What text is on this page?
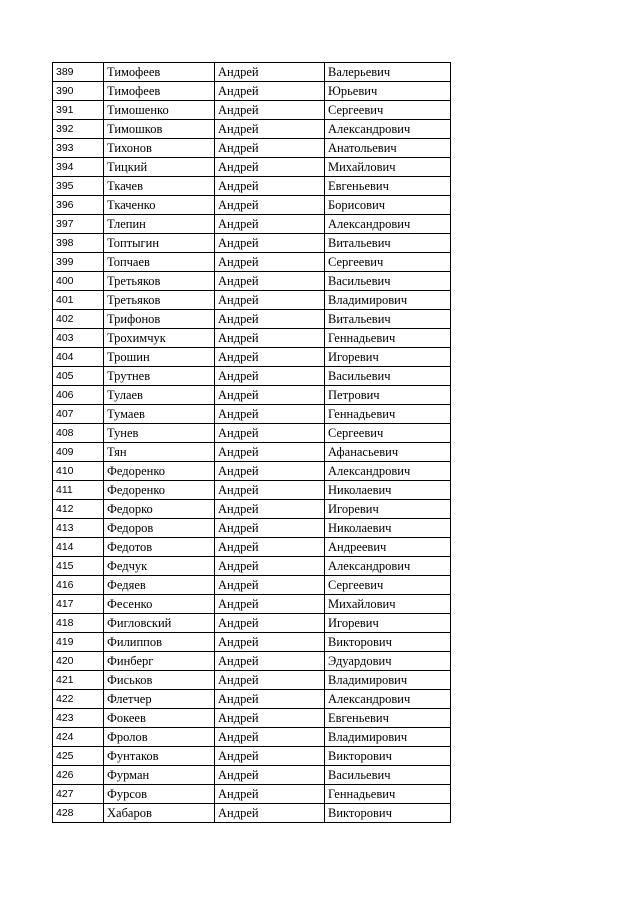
389	Тимофеев	Андрей	Валерьевич
390	Тимофеев	Андрей	Юрьевич
391	Тимошенко	Андрей	Сергеевич
392	Тимошков	Андрей	Александрович
393	Тихонов	Андрей	Анатольевич
394	Тицкий	Андрей	Михайлович
395	Ткачев	Андрей	Евгеньевич
396	Ткаченко	Андрей	Борисович
397	Тлепин	Андрей	Александрович
398	Топтыгин	Андрей	Витальевич
399	Топчаев	Андрей	Сергеевич
400	Третьяков	Андрей	Васильевич
401	Третьяков	Андрей	Владимирович
402	Трифонов	Андрей	Витальевич
403	Трохимчук	Андрей	Геннадьевич
404	Трошин	Андрей	Игоревич
405	Трутнев	Андрей	Васильевич
406	Тулаев	Андрей	Петрович
407	Тумаев	Андрей	Геннадьевич
408	Тунев	Андрей	Сергеевич
409	Тян	Андрей	Афанасьевич
410	Федоренко	Андрей	Александрович
411	Федоренко	Андрей	Николаевич
412	Федорко	Андрей	Игоревич
413	Федоров	Андрей	Николаевич
414	Федотов	Андрей	Андреевич
415	Федчук	Андрей	Александрович
416	Федяев	Андрей	Сергеевич
417	Фесенко	Андрей	Михайлович
418	Фигловский	Андрей	Игоревич
419	Филиппов	Андрей	Викторович
420	Финберг	Андрей	Эдуардович
421	Фиськов	Андрей	Владимирович
422	Флетчер	Андрей	Александрович
423	Фокеев	Андрей	Евгеньевич
424	Фролов	Андрей	Владимирович
425	Фунтаков	Андрей	Викторович
426	Фурман	Андрей	Васильевич
427	Фурсов	Андрей	Геннадьевич
428	Хабаров	Андрей	Викторович
